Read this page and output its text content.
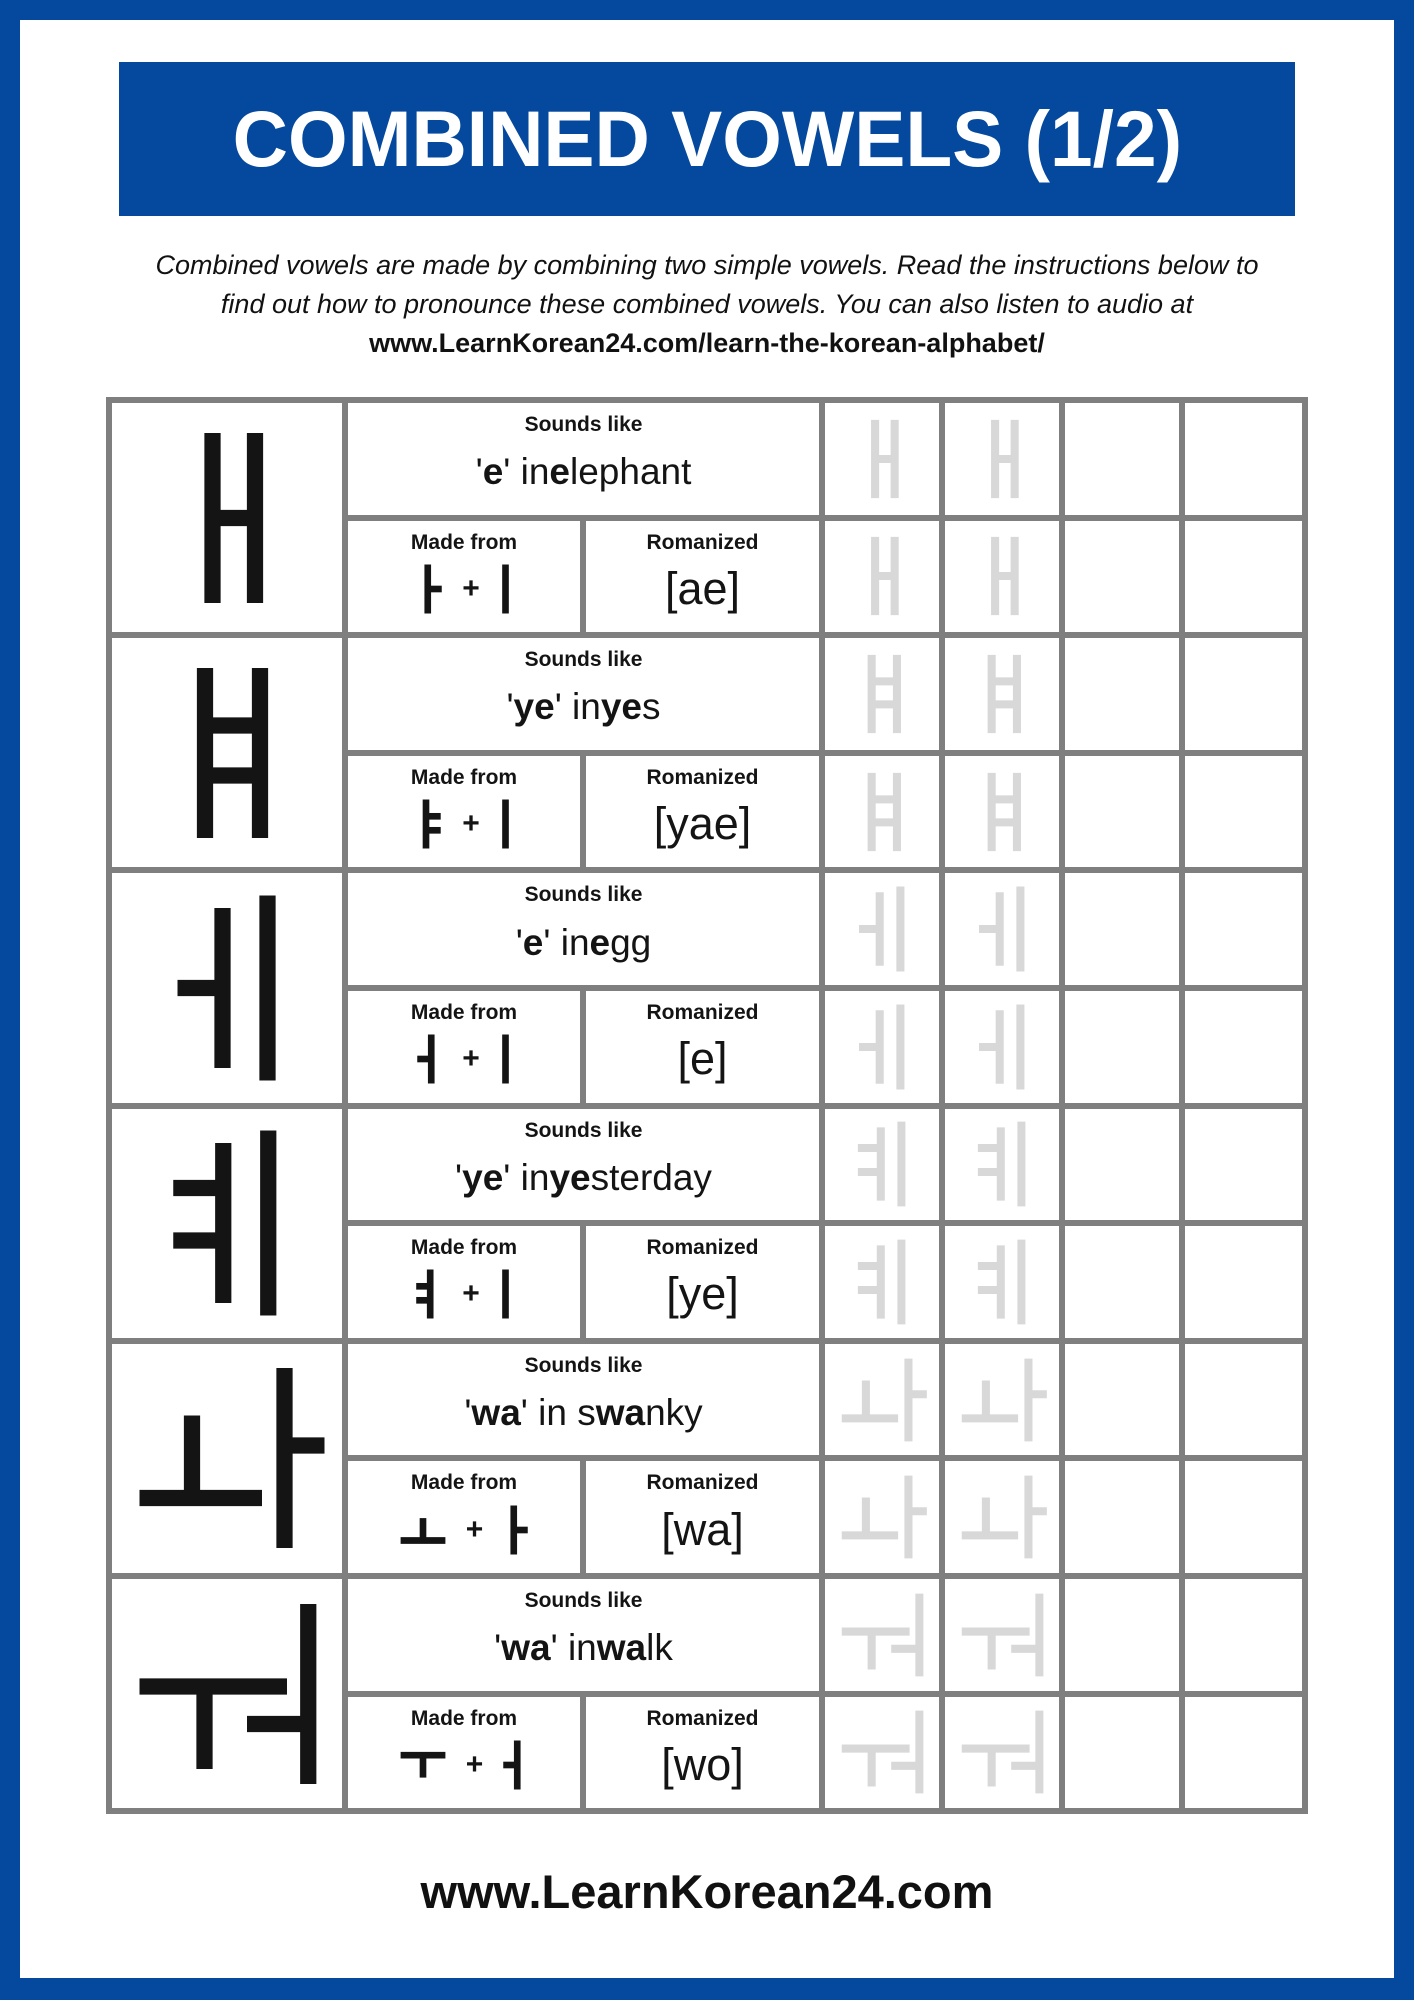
COMBINED VOWELS (1/2)

Combined vowels are made by combining two simple vowels. Read the instructions below to
find out how to pronounce these combined vowels. You can also listen to audio at
www.LearnKorean24.com/learn-the-korean-alphabet/

Sounds like
' e ' in e lephant
Made from
+
Romanized
[ae]
Sounds like
' ye ' in ye s
Made from
+
Romanized
[yae]
Sounds like
' e ' in e gg
Made from
+
Romanized
[e]
Sounds like
' ye ' in ye sterday
Made from
+
Romanized
[ye]
Sounds like
' wa ' in s wa nky
Made from
+
Romanized
[wa]
Sounds like
' wa ' in wa lk
Made from
+
Romanized
[wo]
www.LearnKorean24.com
